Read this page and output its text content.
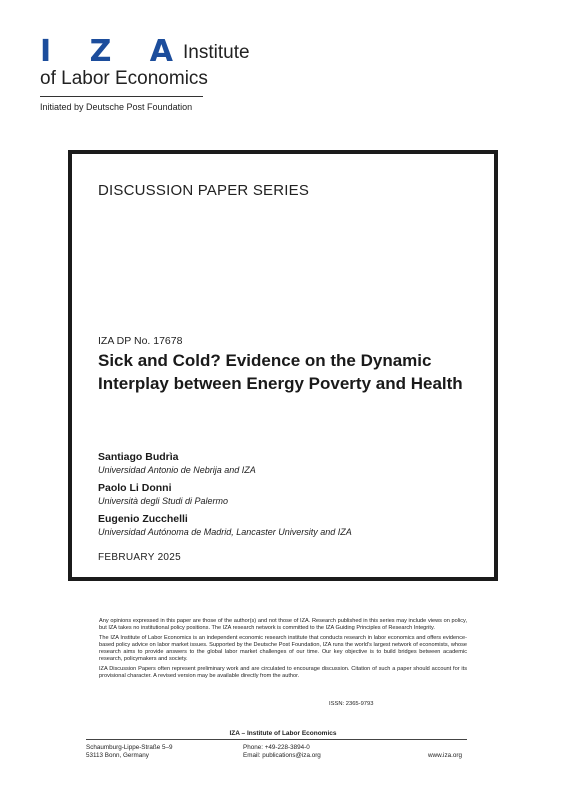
I Z A
Institute
of Labor Economics
Initiated by Deutsche Post Foundation
DISCUSSION PAPER SERIES
IZA DP No. 17678
Sick and Cold? Evidence on the Dynamic Interplay between Energy Poverty and Health
Santiago Budrìa
Universidad Antonio de Nebrija and IZA
Paolo Li Donni
Università degli Studi di Palermo
Eugenio Zucchelli
Universidad Autónoma de Madrid, Lancaster University and IZA
FEBRUARY 2025

Any opinions expressed in this paper are those of the author(s) and not those of IZA. Research published in this series may include views on policy, but IZA takes no institutional policy positions. The IZA research network is committed to the IZA Guiding Principles of Research Integrity.

The IZA Institute of Labor Economics is an independent economic research institute that conducts research in labor economics and offers evidence-based policy advice on labor market issues. Supported by the Deutsche Post Foundation, IZA runs the world’s largest network of economists, whose research aims to provide answers to the global labor market challenges of our time. Our key objective is to build bridges between academic research, policymakers and society.

IZA Discussion Papers often represent preliminary work and are circulated to encourage discussion. Citation of such a paper should account for its provisional character. A revised version may be available directly from the author.

ISSN: 2365-9793
IZA – Institute of Labor Economics
Schaumburg-Lippe-Straße 5–9
53113 Bonn, Germany
Phone: +49-228-3894-0
Email: publications@iza.org	www.iza.org
